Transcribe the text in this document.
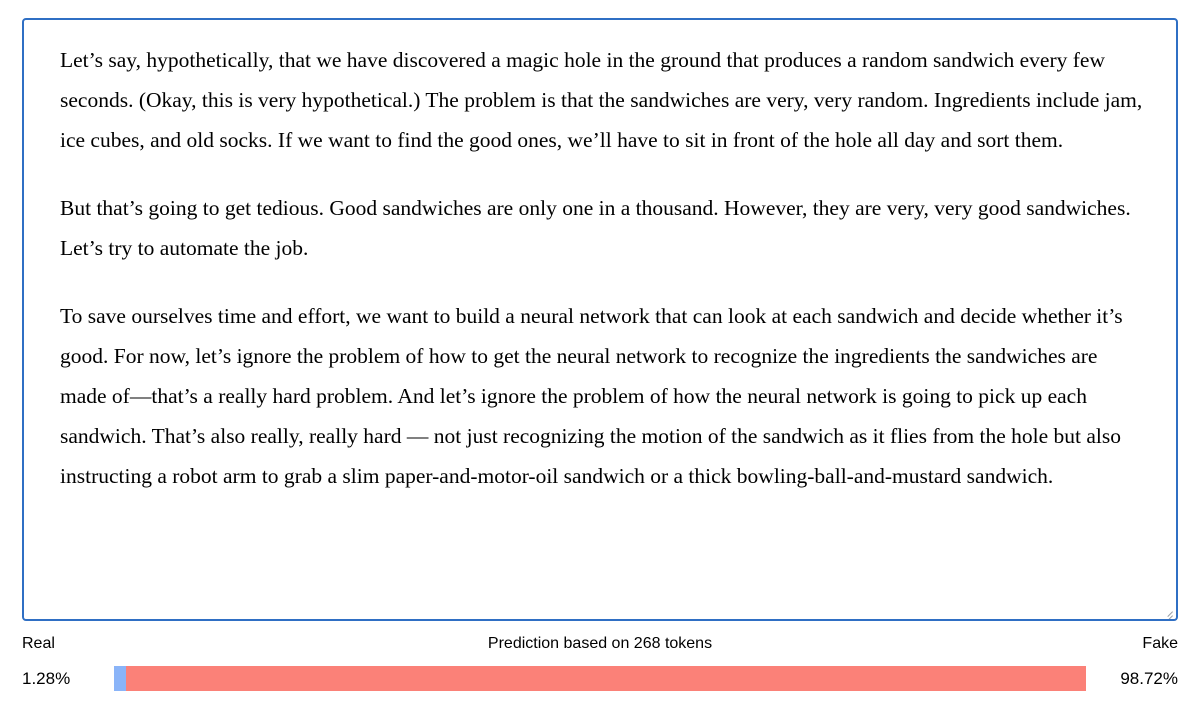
Let’s say, hypothetically, that we have discovered a magic hole in the ground that produces a random sandwich every few seconds. (Okay, this is very hypothetical.) The problem is that the sandwiches are very, very random. Ingredients include jam, ice cubes, and old socks. If we want to find the good ones, we’ll have to sit in front of the hole all day and sort them.

But that’s going to get tedious. Good sandwiches are only one in a thousand. However, they are very, very good sandwiches. Let’s try to automate the job.

To save ourselves time and effort, we want to build a neural network that can look at each sandwich and decide whether it’s good. For now, let’s ignore the problem of how to get the neural network to recognize the ingredients the sandwiches are made of—that’s a really hard problem. And let’s ignore the problem of how the neural network is going to pick up each sandwich. That’s also really, really hard — not just recognizing the motion of the sandwich as it flies from the hole but also instructing a robot arm to grab a slim paper-and-motor-oil sandwich or a thick bowling-ball-and-mustard sandwich.

Real	Prediction based on 268 tokens	Fake
1.28%	98.72%
